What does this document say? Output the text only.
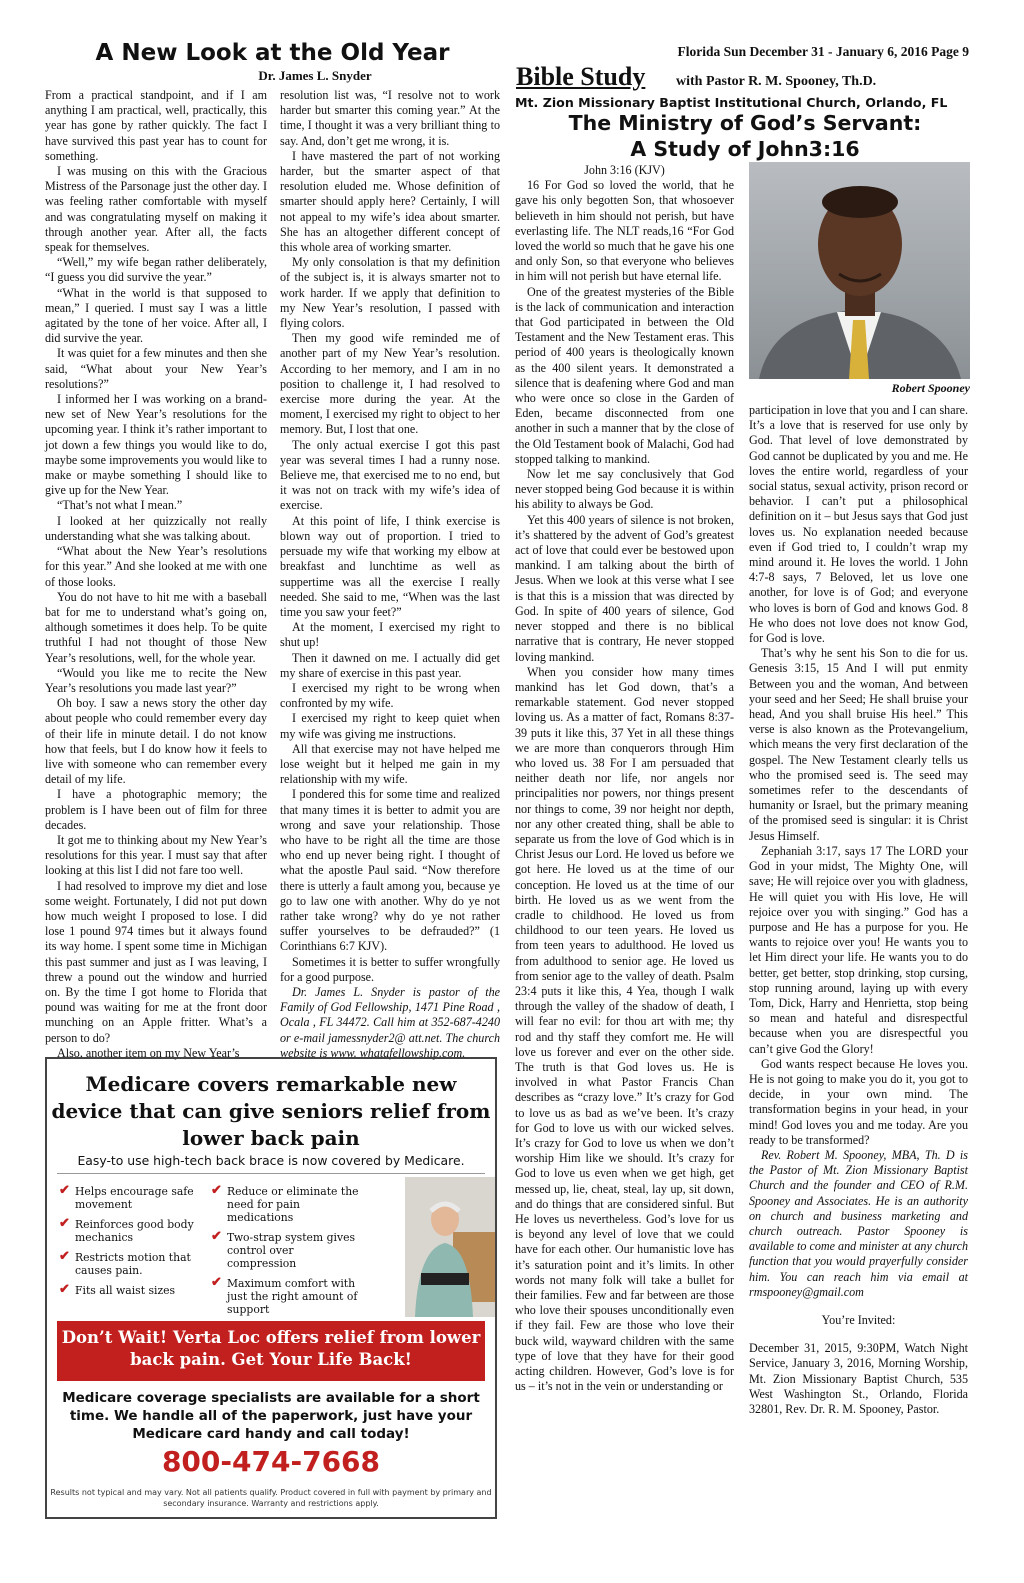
Florida Sun December 31 - January 6, 2016 Page 9
A New Look at the Old Year
Dr. James L. Snyder

From a practical standpoint, and if I am anything I am practical, well, practically, this year has gone by rather quickly. The fact I have survived this past year has to count for something.

I was musing on this with the Gracious Mistress of the Parsonage just the other day. I was feeling rather comfortable with myself and was congratulating myself on making it through another year. After all, the facts speak for themselves.

“Well,” my wife began rather deliberately, “I guess you did survive the year.”

“What in the world is that supposed to mean,” I queried. I must say I was a little agitated by the tone of her voice. After all, I did survive the year.

It was quiet for a few minutes and then she said, “What about your New Year’s resolutions?”

I informed her I was working on a brand-new set of New Year’s resolutions for the upcoming year. I think it’s rather important to jot down a few things you would like to do, maybe some improvements you would like to make or maybe something I should like to give up for the New Year.

“That’s not what I mean.”

I looked at her quizzically not really understanding what she was talking about.

“What about the New Year’s resolutions for this year.” And she looked at me with one of those looks.

You do not have to hit me with a baseball bat for me to understand what’s going on, although sometimes it does help. To be quite truthful I had not thought of those New Year’s resolutions, well, for the whole year.

“Would you like me to recite the New Year’s resolutions you made last year?”

Oh boy. I saw a news story the other day about people who could remember every day of their life in minute detail. I do not know how that feels, but I do know how it feels to live with someone who can remember every detail of my life.

I have a photographic memory; the problem is I have been out of film for three decades.

It got me to thinking about my New Year’s resolutions for this year. I must say that after looking at this list I did not fare too well.

I had resolved to improve my diet and lose some weight. Fortunately, I did not put down how much weight I proposed to lose. I did lose 1 pound 974 times but it always found its way home. I spent some time in Michigan this past summer and just as I was leaving, I threw a pound out the window and hurried on. By the time I got home to Florida that pound was waiting for me at the front door munching on an Apple fritter. What’s a person to do?

Also, another item on my New Year’s

resolution list was, “I resolve not to work harder but smarter this coming year.” At the time, I thought it was a very brilliant thing to say. And, don’t get me wrong, it is.

I have mastered the part of not working harder, but the smarter aspect of that resolution eluded me. Whose definition of smarter should apply here? Certainly, I will not appeal to my wife’s idea about smarter. She has an altogether different concept of this whole area of working smarter.

My only consolation is that my definition of the subject is, it is always smarter not to work harder. If we apply that definition to my New Year’s resolution, I passed with flying colors.

Then my good wife reminded me of another part of my New Year’s resolution. According to her memory, and I am in no position to challenge it, I had resolved to exercise more during the year. At the moment, I exercised my right to object to her memory. But, I lost that one.

The only actual exercise I got this past year was several times I had a runny nose. Believe me, that exercised me to no end, but it was not on track with my wife’s idea of exercise.

At this point of life, I think exercise is blown way out of proportion. I tried to persuade my wife that working my elbow at breakfast and lunchtime as well as suppertime was all the exercise I really needed. She said to me, “When was the last time you saw your feet?”

At the moment, I exercised my right to shut up!

Then it dawned on me. I actually did get my share of exercise in this past year.

I exercised my right to be wrong when confronted by my wife.

I exercised my right to keep quiet when my wife was giving me instructions.

All that exercise may not have helped me lose weight but it helped me gain in my relationship with my wife.

I pondered this for some time and realized that many times it is better to admit you are wrong and save your relationship. Those who have to be right all the time are those who end up never being right. I thought of what the apostle Paul said. “Now therefore there is utterly a fault among you, because ye go to law one with another. Why do ye not rather take wrong? why do ye not rather suffer yourselves to be defrauded?” (1 Corinthians 6:7 KJV).

Sometimes it is better to suffer wrongfully for a good purpose.

Dr. James L. Snyder is pastor of the Family of God Fellowship, 1471 Pine Road , Ocala , FL 34472. Call him at 352-687-4240 or e-mail jamessnyder2@ att.net. The church website is www. whatafellowship.com.

Bible Study with Pastor R. M. Spooney, Th.D.
Mt. Zion Missionary Baptist Institutional Church, Orlando, FL
The Ministry of God’s Servant:
A Study of John3:16

John 3:16 (KJV)

16 For God so loved the world, that he gave his only begotten Son, that whosoever believeth in him should not perish, but have everlasting life. The NLT reads,16 “For God loved the world so much that he gave his one and only Son, so that everyone who believes in him will not perish but have eternal life.

One of the greatest mysteries of the Bible is the lack of communication and interaction that God participated in between the Old Testament and the New Testament eras. This period of 400 years is theologically known as the 400 silent years. It demonstrated a silence that is deafening where God and man who were once so close in the Garden of Eden, became disconnected from one another in such a manner that by the close of the Old Testament book of Malachi, God had stopped talking to mankind.

Now let me say conclusively that God never stopped being God because it is within his ability to always be God.

Yet this 400 years of silence is not broken, it’s shattered by the advent of God’s greatest act of love that could ever be bestowed upon mankind. I am talking about the birth of Jesus. When we look at this verse what I see is that this is a mission that was directed by God. In spite of 400 years of silence, God never stopped and there is no biblical narrative that is contrary, He never stopped loving mankind.

When you consider how many times mankind has let God down, that’s a remarkable statement. God never stopped loving us. As a matter of fact, Romans 8:37-39 puts it like this, 37 Yet in all these things we are more than conquerors through Him who loved us. 38 For I am persuaded that neither death nor life, nor angels nor principalities nor powers, nor things present nor things to come, 39 nor height nor depth, nor any other created thing, shall be able to separate us from the love of God which is in Christ Jesus our Lord. He loved us before we got here. He loved us at the time of our conception. He loved us at the time of our birth. He loved us as we went from the cradle to childhood. He loved us from childhood to our teen years. He loved us from teen years to adulthood. He loved us from adulthood to senior age. He loved us from senior age to the valley of death. Psalm 23:4 puts it like this, 4 Yea, though I walk through the valley of the shadow of death, I will fear no evil: for thou art with me; thy rod and thy staff they comfort me. He will love us forever and ever on the other side. The truth is that God loves us. He is involved in what Pastor Francis Chan describes as “crazy love.” It’s crazy for God to love us as bad as we’ve been. It’s crazy for God to love us with our wicked selves. It’s crazy for God to love us when we don’t worship Him like we should. It’s crazy for God to love us even when we get high, get messed up, lie, cheat, steal, lay up, sit down, and do things that are considered sinful. But He loves us nevertheless. God’s love for us is beyond any level of love that we could have for each other. Our humanistic love has it’s saturation point and it’s limits. In other words not many folk will take a bullet for their families. Few and far between are those who love their spouses unconditionally even if they fail. Few are those who love their buck wild, wayward children with the same type of love that they have for their good acting children. However, God’s love is for us – it’s not in the vein or understanding or

Robert Spooney

participation in love that you and I can share. It’s a love that is reserved for use only by God. That level of love demonstrated by God cannot be duplicated by you and me. He loves the entire world, regardless of your social status, sexual activity, prison record or behavior. I can’t put a philosophical definition on it – but Jesus says that God just loves us. No explanation needed because even if God tried to, I couldn’t wrap my mind around it. He loves the world. 1 John 4:7-8 says, 7 Beloved, let us love one another, for love is of God; and everyone who loves is born of God and knows God. 8 He who does not love does not know God, for God is love.

That’s why he sent his Son to die for us. Genesis 3:15, 15 And I will put enmity Between you and the woman, And between your seed and her Seed; He shall bruise your head, And you shall bruise His heel.” This verse is also known as the Protevangelium, which means the very first declaration of the gospel. The New Testament clearly tells us who the promised seed is. The seed may sometimes refer to the descendants of humanity or Israel, but the primary meaning of the promised seed is singular: it is Christ Jesus Himself.

Zephaniah 3:17, says 17 The LORD your God in your midst, The Mighty One, will save; He will rejoice over you with gladness, He will quiet you with His love, He will rejoice over you with singing.” God has a purpose and He has a purpose for you. He wants to rejoice over you! He wants you to let Him direct your life. He wants you to do better, get better, stop drinking, stop cursing, stop running around, laying up with every Tom, Dick, Harry and Henrietta, stop being so mean and hateful and disrespectful because when you are disrespectful you can’t give God the Glory!

God wants respect because He loves you. He is not going to make you do it, you got to decide, in your own mind. The transformation begins in your head, in your mind! God loves you and me today. Are you ready to be transformed?

Rev. Robert M. Spooney, MBA, Th. D is the Pastor of Mt. Zion Missionary Baptist Church and the founder and CEO of R.M. Spooney and Associates. He is an authority on church and business marketing and church outreach. Pastor Spooney is available to come and minister at any church function that you would prayerfully consider him. You can reach him via email at rmspooney@gmail.com

You’re Invited:

December 31, 2015, 9:30PM, Watch Night Service, January 3, 2016, Morning Worship, Mt. Zion Missionary Baptist Church, 535 West Washington St., Orlando, Florida 32801, Rev. Dr. R. M. Spooney, Pastor.

Medicare covers remarkable new device that can give seniors relief from lower back pain
Easy-to use high-tech back brace is now covered by Medicare.
✔ Helps encourage safe movement
✔ Reinforces good body mechanics
✔ Restricts motion that causes pain.
✔ Fits all waist sizes
✔ Reduce or eliminate the need for pain medications
✔ Two-strap system gives control over compression
✔ Maximum comfort with just the right amount of support
Don’t Wait! Verta Loc offers relief from lower back pain. Get Your Life Back!
Medicare coverage specialists are available for a short time. We handle all of the paperwork, just have your Medicare card handy and call today!
800-474-7668
Results not typical and may vary. Not all patients qualify. Product covered in full with payment by primary and secondary insurance. Warranty and restrictions apply.
